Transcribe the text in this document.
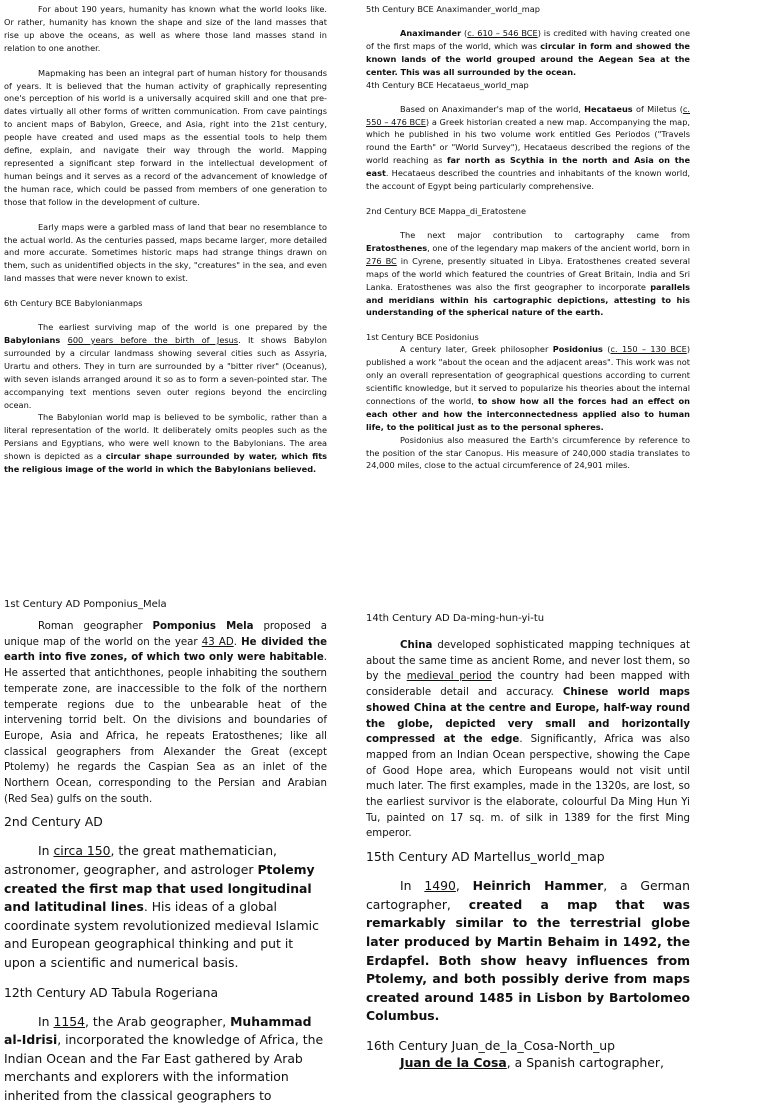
For about 190 years, humanity has known what the world looks like. Or rather, humanity has known the shape and size of the land masses that rise up above the oceans, as well as where those land masses stand in relation to one another.

Mapmaking has been an integral part of human history for thousands of years. It is believed that the human activity of graphically representing one's perception of his world is a universally acquired skill and one that pre-dates virtually all other forms of written communication. From cave paintings to ancient maps of Babylon, Greece, and Asia, right into the 21st century, people have created and used maps as the essential tools to help them define, explain, and navigate their way through the world. Mapping represented a significant step forward in the intellectual development of human beings and it serves as a record of the advancement of knowledge of the human race, which could be passed from members of one generation to those that follow in the development of culture.

Early maps were a garbled mass of land that bear no resemblance to the actual world. As the centuries passed, maps became larger, more detailed and more accurate. Sometimes historic maps had strange things drawn on them, such as unidentified objects in the sky, "creatures" in the sea, and even land masses that were never known to exist.

6th Century BCE Babylonianmaps

The earliest surviving map of the world is one prepared by the Babylonians 600 years before the birth of Jesus. It shows Babylon surrounded by a circular landmass showing several cities such as Assyria, Urartu and others. They in turn are surrounded by a "bitter river" (Oceanus), with seven islands arranged around it so as to form a seven-pointed star. The accompanying text mentions seven outer regions beyond the encircling ocean.

The Babylonian world map is believed to be symbolic, rather than a literal representation of the world. It deliberately omits peoples such as the Persians and Egyptians, who were well known to the Babylonians. The area shown is depicted as a circular shape surrounded by water, which fits the religious image of the world in which the Babylonians believed.

5th Century BCE Anaximander_world_map

Anaximander (c. 610 – 546 BCE) is credited with having created one of the first maps of the world, which was circular in form and showed the known lands of the world grouped around the Aegean Sea at the center. This was all surrounded by the ocean.

4th Century BCE Hecataeus_world_map

Based on Anaximander's map of the world, Hecataeus of Miletus (c. 550 – 476 BCE) a Greek historian created a new map. Accompanying the map, which he published in his two volume work entitled Ges Periodos ("Travels round the Earth" or "World Survey"), Hecataeus described the regions of the world reaching as far north as Scythia in the north and Asia on the east. Hecataeus described the countries and inhabitants of the known world, the account of Egypt being particularly comprehensive.

2nd Century BCE Mappa_di_Eratostene

The next major contribution to cartography came from Eratosthenes, one of the legendary map makers of the ancient world, born in 276 BC in Cyrene, presently situated in Libya. Eratosthenes created several maps of the world which featured the countries of Great Britain, India and Sri Lanka. Eratosthenes was also the first geographer to incorporate parallels and meridians within his cartographic depictions, attesting to his understanding of the spherical nature of the earth.

1st Century BCE Posidonius

A century later, Greek philosopher Posidonius (c. 150 – 130 BCE) published a work "about the ocean and the adjacent areas". This work was not only an overall representation of geographical questions according to current scientific knowledge, but it served to popularize his theories about the internal connections of the world, to show how all the forces had an effect on each other and how the interconnectedness applied also to human life, to the political just as to the personal spheres.

Posidonius also measured the Earth's circumference by reference to the position of the star Canopus. His measure of 240,000 stadia translates to 24,000 miles, close to the actual circumference of 24,901 miles.

1st Century AD Pomponius_Mela

Roman geographer Pomponius Mela proposed a unique map of the world on the year 43 AD. He divided the earth into five zones, of which two only were habitable. He asserted that antichthones, people inhabiting the southern temperate zone, are inaccessible to the folk of the northern temperate regions due to the unbearable heat of the intervening torrid belt. On the divisions and boundaries of Europe, Asia and Africa, he repeats Eratosthenes; like all classical geographers from Alexander the Great (except Ptolemy) he regards the Caspian Sea as an inlet of the Northern Ocean, corresponding to the Persian and Arabian (Red Sea) gulfs on the south.

2nd Century AD

In circa 150, the great mathematician, astronomer, geographer, and astrologer Ptolemy created the first map that used longitudinal and latitudinal lines. His ideas of a global coordinate system revolutionized medieval Islamic and European geographical thinking and put it upon a scientific and numerical basis.

12th Century AD Tabula Rogeriana

In 1154, the Arab geographer, Muhammad al-Idrisi, incorporated the knowledge of Africa, the Indian Ocean and the Far East gathered by Arab merchants and explorers with the information inherited from the classical geographers to

14th Century AD Da-ming-hun-yi-tu

China developed sophisticated mapping techniques at about the same time as ancient Rome, and never lost them, so by the medieval period the country had been mapped with considerable detail and accuracy. Chinese world maps showed China at the centre and Europe, half-way round the globe, depicted very small and horizontally compressed at the edge. Significantly, Africa was also mapped from an Indian Ocean perspective, showing the Cape of Good Hope area, which Europeans would not visit until much later. The first examples, made in the 1320s, are lost, so the earliest survivor is the elaborate, colourful Da Ming Hun Yi Tu, painted on 17 sq. m. of silk in 1389 for the first Ming emperor.

15th Century AD Martellus_world_map

In 1490, Heinrich Hammer, a German cartographer, created a map that was remarkably similar to the terrestrial globe later produced by Martin Behaim in 1492, the Erdapfel. Both show heavy influences from Ptolemy, and both possibly derive from maps created around 1485 in Lisbon by Bartolomeo Columbus.

16th Century Juan_de_la_Cosa-North_up

Juan de la Cosa, a Spanish cartographer,
